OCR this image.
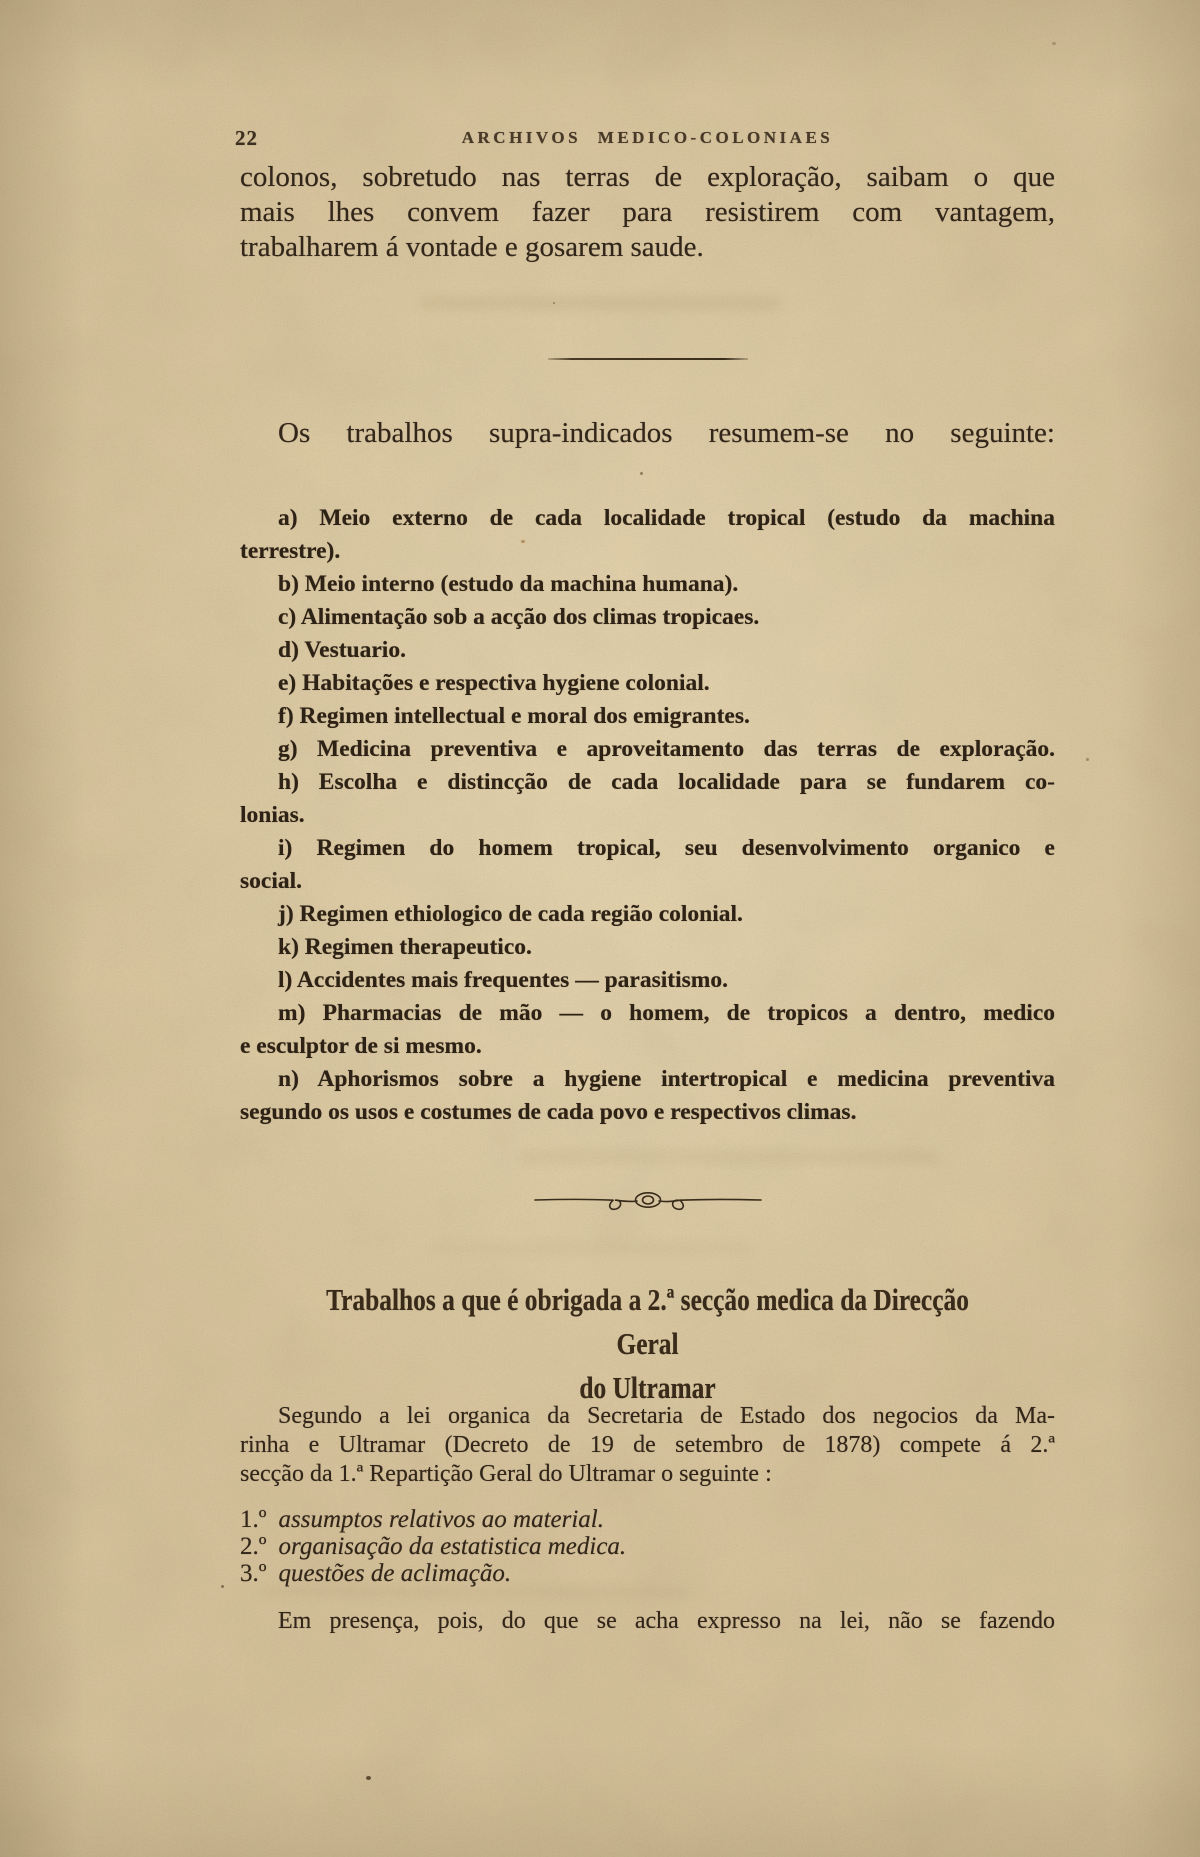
22	ARCHIVOS MEDICO-COLONIAES
colonos, sobretudo nas terras de exploração, saibam o que
mais lhes convem fazer para resistirem com vantagem,
trabalharem á vontade e gosarem saude.
Os trabalhos supra-indicados resumem-se no seguinte:
a) Meio externo de cada localidade tropical (estudo da machina
terrestre).
b) Meio interno (estudo da machina humana).
c) Alimentação sob a acção dos climas tropicaes.
d) Vestuario.
e) Habitações e respectiva hygiene colonial.
f) Regimen intellectual e moral dos emigrantes.
g) Medicina preventiva e aproveitamento das terras de exploração.
h) Escolha e distincção de cada localidade para se fundarem co-
lonias.
i) Regimen do homem tropical, seu desenvolvimento organico e
social.
j) Regimen ethiologico de cada região colonial.
k) Regimen therapeutico.
l) Accidentes mais frequentes — parasitismo.
m) Pharmacias de mão — o homem, de tropicos a dentro, medico
e esculptor de si mesmo.
n) Aphorismos sobre a hygiene intertropical e medicina preventiva
segundo os usos e costumes de cada povo e respectivos climas.
Trabalhos a que é obrigada a 2.ª secção medica da Direcção Geral
do Ultramar
Segundo a lei organica da Secretaria de Estado dos negocios da Ma-
rinha e Ultramar (Decreto de 19 de setembro de 1878) compete á 2.ª
secção da 1.ª Repartição Geral do Ultramar o seguinte :
1.º assumptos relativos ao material.
2.º organisação da estatistica medica.
3.º questões de aclimação.
Em presença, pois, do que se acha expresso na lei, não se fazendo
